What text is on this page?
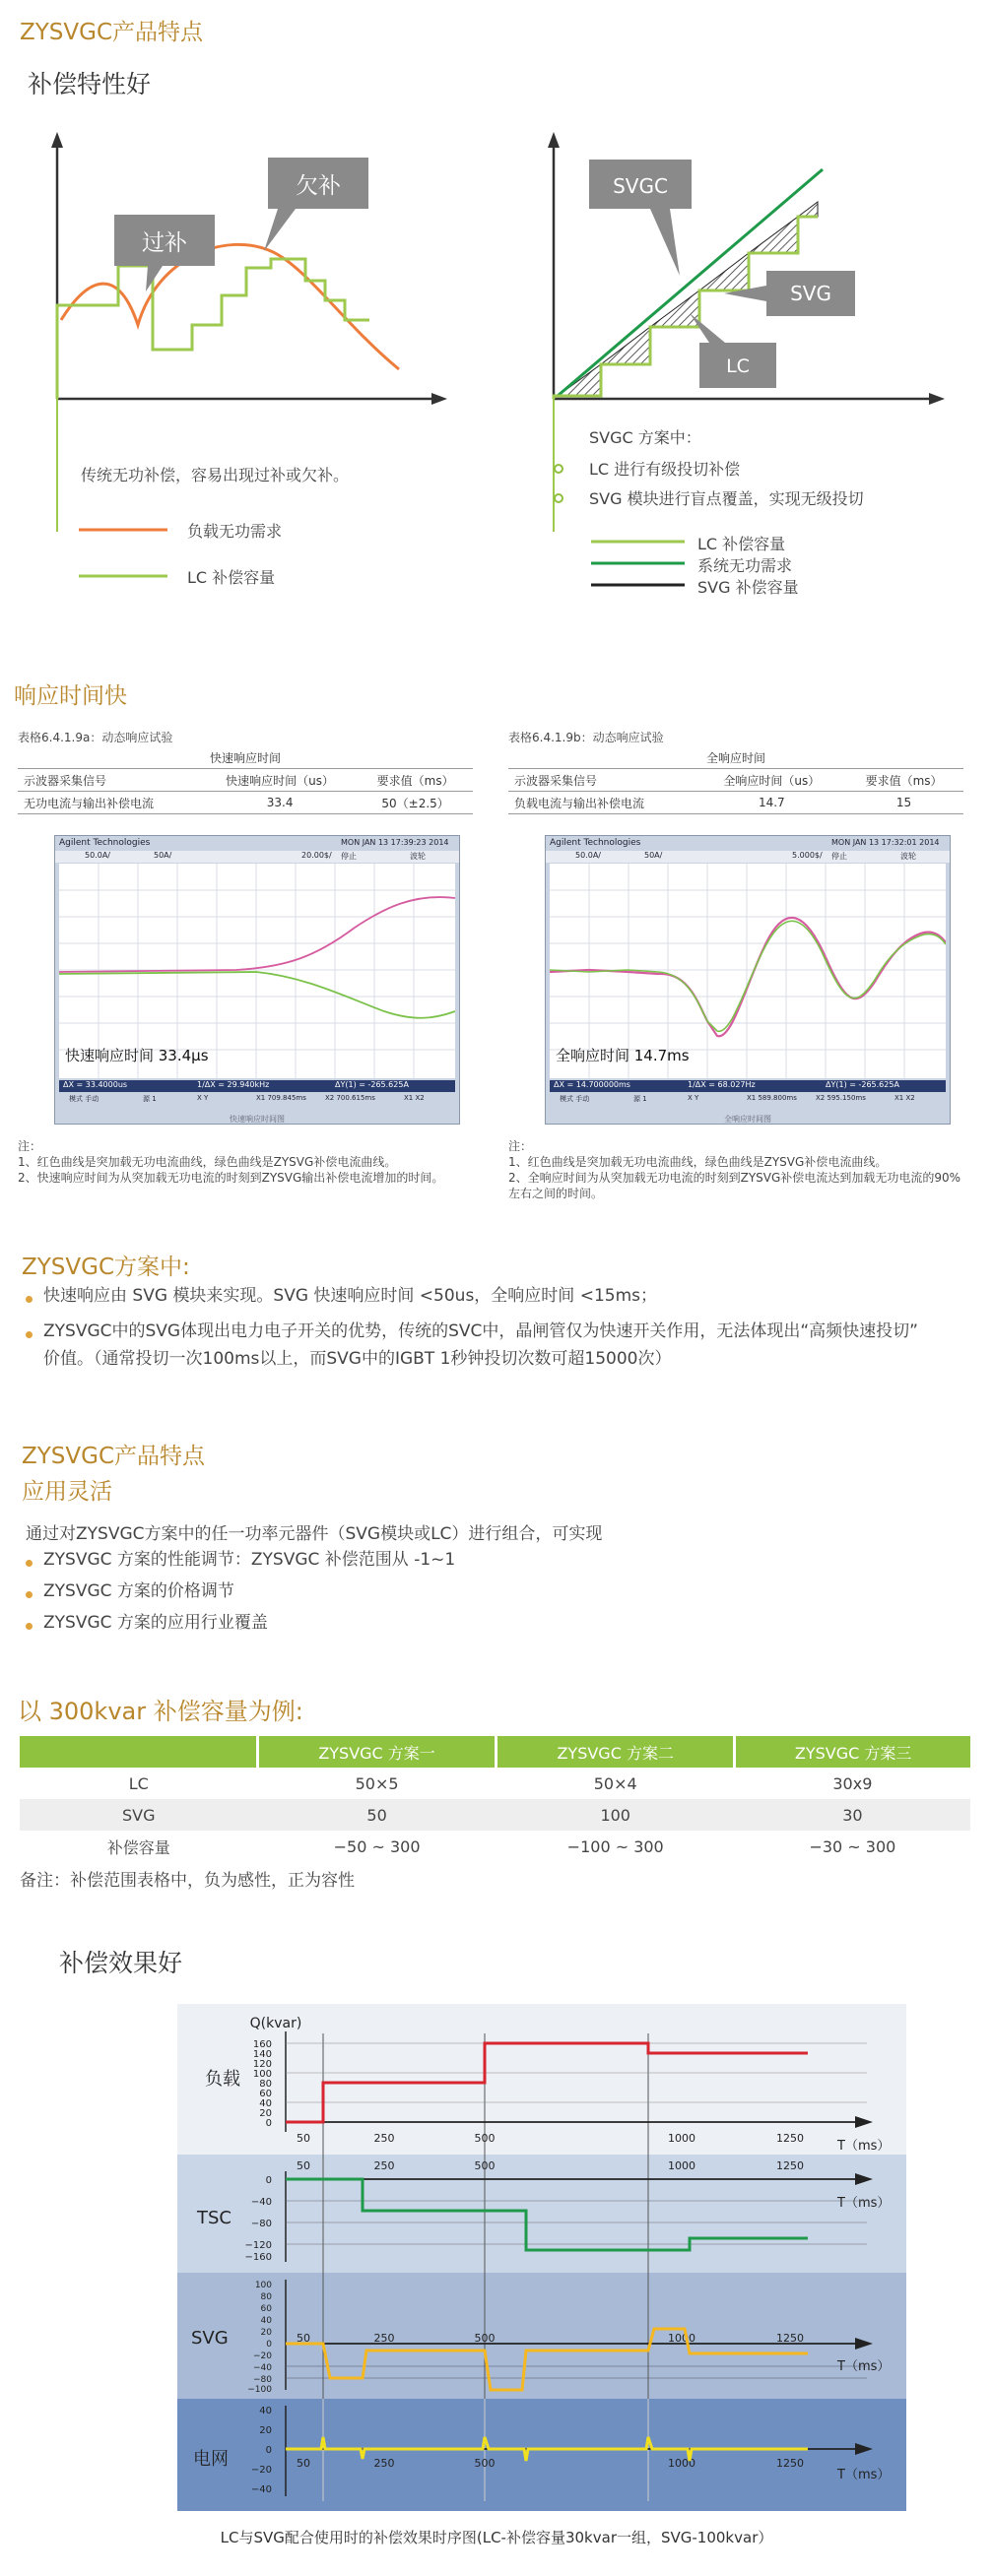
ZYSVGC产品特点
补偿特性好
过补
欠补	SVGC
SVG
LC
传统无功补偿，容易出现过补或欠补。
负载无功需求
LC 补偿容量
SVGC 方案中：
LC 进行有级投切补偿
SVG 模块进行盲点覆盖，实现无级投切
LC 补偿容量
系统无功需求
SVG 补偿容量
响应时间快
表格6.4.1.9a：动态响应试验
快速响应时间		
示波器采集信号	快速响应时间（us）	要求值（ms）
无功电流与输出补偿电流	33.4	50（±2.5）
表格6.4.1.9b：动态响应试验
全响应时间		
示波器采集信号	全响应时间（us）	要求值（ms）
负载电流与输出补偿电流	14.7	15
Agilent Technologies	MON JAN 13 17:39:23 2014
50.0A/	50A/	20.00$/ 停止	波轮
快速响应时间 33.4μs
ΔX = 33.4000us	1/ΔX = 29.940kHz	ΔY(1) = -265.625A
模式 手动	源 1	X Y	X1 709.845ms	X2 700.615ms	X1 X2
快速响应时间图
Agilent Technologies	MON JAN 13 17:32:01 2014
50.0A/	50A/	5.000$/ 停止	波轮
全响应时间 14.7ms
ΔX = 14.700000ms	1/ΔX = 68.027Hz	ΔY(1) = -265.625A
模式 手动	源 1	X Y	X1 589.800ms	X2 595.150ms	X1 X2
全响应时间图
注：
1、红色曲线是突加载无功电流曲线，绿色曲线是ZYSVG补偿电流曲线。
2、快速响应时间为从突加载无功电流的时刻到ZYSVG输出补偿电流增加的时间。
注：
1、红色曲线是突加载无功电流曲线，绿色曲线是ZYSVG补偿电流曲线。
2、全响应时间为从突加载无功电流的时刻到ZYSVG补偿电流达到加载无功电流的90%
左右之间的时间。
ZYSVGC方案中:
快速响应由 SVG 模块来实现。SVG 快速响应时间 <50us，全响应时间 <15ms；
ZYSVGC中的SVG体现出电力电子开关的优势，传统的SVC中，晶闸管仅为快速开关作用，无法体现出“高频快速投切”
价值。（通常投切一次100ms以上，而SVG中的IGBT 1秒钟投切次数可超15000次）
ZYSVGC产品特点
应用灵活
通过对ZYSVGC方案中的任一功率元器件（SVG模块或LC）进行组合，可实现
ZYSVGC 方案的性能调节：ZYSVGC 补偿范围从 -1~1
ZYSVGC 方案的价格调节
ZYSVGC 方案的应用行业覆盖
以 300kvar 补偿容量为例:
	ZYSVGC 方案一	ZYSVGC 方案二	ZYSVGC 方案三
LC	50×5	50×4	30x9
SVG	50	100	30
补偿容量	−50 ~ 300	−100 ~ 300	−30 ~ 300
备注：补偿范围表格中，负为感性，正为容性
补偿效果好
Q(kvar)
160
140
120
100
80
60
40
20
0
负载
50	250	500	1000	1250
T（ms）
50	250	500	1000	1250
T（ms）
0
−40
−80
−120
−160
TSC
100
80
60
40
20
0
−20
−40
−80
−100
SVG	50	250	500	1000	1250
T（ms）
40
20
0
−20
−40
电网	50	250	500	1000	1250
T（ms）
LC与SVG配合使用时的补偿效果时序图(LC-补偿容量30kvar一组，SVG-100kvar）
